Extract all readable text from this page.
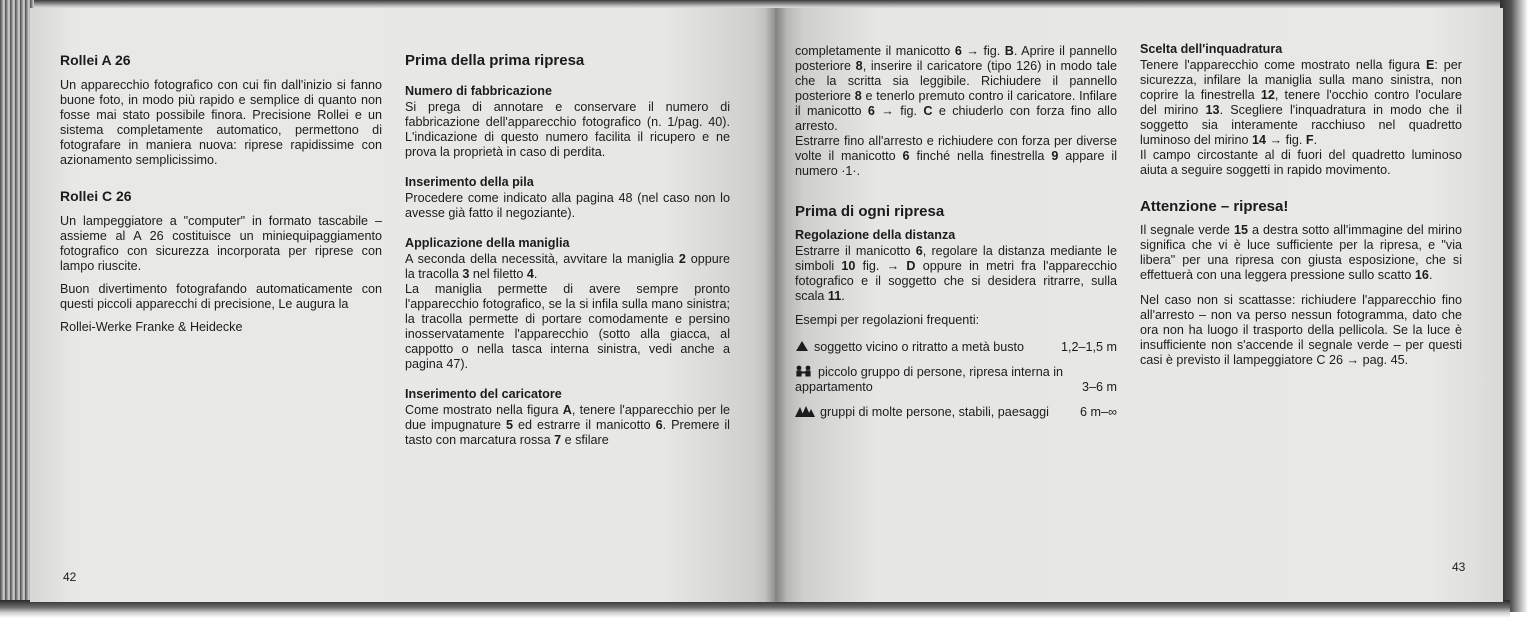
Rollei A 26

Un apparecchio fotografico con cui fin dall'inizio si fanno buone foto, in modo più rapido e semplice di quanto non fosse mai stato possibile finora. Precisione Rollei e un sistema completamente automatico, permettono di fotografare in maniera nuova: riprese rapidissime con azionamento semplicissimo.

Rollei C 26

Un lampeggiatore a "computer" in formato tascabile – assieme al A 26 costituisce un miniequipaggiamento fotografico con sicurezza incorporata per riprese con lampo riuscite.

Buon divertimento fotografando automaticamente con questi piccoli apparecchi di precisione, Le augura la

Rollei-Werke Franke & Heidecke

Prima della prima ripresa
Numero di fabbricazione

Si prega di annotare e conservare il numero di fabbricazione dell'apparecchio fotografico (n. 1/pag. 40). L'indicazione di questo numero facilita il ricupero e ne prova la proprietà in caso di perdita.

Inserimento della pila

Procedere come indicato alla pagina 48 (nel caso non lo avesse già fatto il negoziante).

Applicazione della maniglia

A seconda della necessità, avvitare la maniglia 2 oppure la tracolla 3 nel filetto 4.

La maniglia permette di avere sempre pronto l'apparecchio fotografico, se la si infila sulla mano sinistra; la tracolla permette di portare comodamente e persino inosservatamente l'apparecchio (sotto alla giacca, al cappotto o nella tasca interna sinistra, vedi anche a pagina 47).

Inserimento del caricatore

Come mostrato nella figura A, tenere l'apparecchio per le due impugnature 5 ed estrarre il manicotto 6. Premere il tasto con marcatura rossa 7 e sfilare

42

completamente il manicotto 6 → fig. B. Aprire il pannello posteriore 8, inserire il caricatore (tipo 126) in modo tale che la scritta sia leggibile. Richiudere il pannello posteriore 8 e tenerlo premuto contro il caricatore. Infilare il manicotto 6 → fig. C e chiuderlo con forza fino allo arresto.

Estrarre fino all'arresto e richiudere con forza per diverse volte il manicotto 6 finché nella finestrella 9 appare il numero ·1·.

Prima di ogni ripresa
Regolazione della distanza

Estrarre il manicotto 6, regolare la distanza mediante le simboli 10 fig. → D oppure in metri fra l'apparecchio fotografico e il soggetto che si desidera ritrarre, sulla scala 11.

Esempi per regolazioni frequenti:

soggetto vicino o ritratto a metà busto	1,2–1,5 m
piccolo gruppo di persone, ripresa interna in appartamento	3–6 m
gruppi di molte persone, stabili, paesaggi	6 m–∞
Scelta dell'inquadratura

Tenere l'apparecchio come mostrato nella figura E: per sicurezza, infilare la maniglia sulla mano sinistra, non coprire la finestrella 12, tenere l'occhio contro l'oculare del mirino 13. Scegliere l'inquadratura in modo che il soggetto sia interamente racchiuso nel quadretto luminoso del mirino 14 → fig. F.

Il campo circostante al di fuori del quadretto luminoso aiuta a seguire soggetti in rapido movimento.

Attenzione – ripresa!

Il segnale verde 15 a destra sotto all'immagine del mirino significa che vi è luce sufficiente per la ripresa, e "via libera" per una ripresa con giusta esposizione, che si effettuerà con una leggera pressione sullo scatto 16.

Nel caso non si scattasse: richiudere l'apparecchio fino all'arresto – non va perso nessun fotogramma, dato che ora non ha luogo il trasporto della pellicola. Se la luce è insufficiente non s'accende il segnale verde – per questi casi è previsto il lampeggiatore C 26 → pag. 45.

43
